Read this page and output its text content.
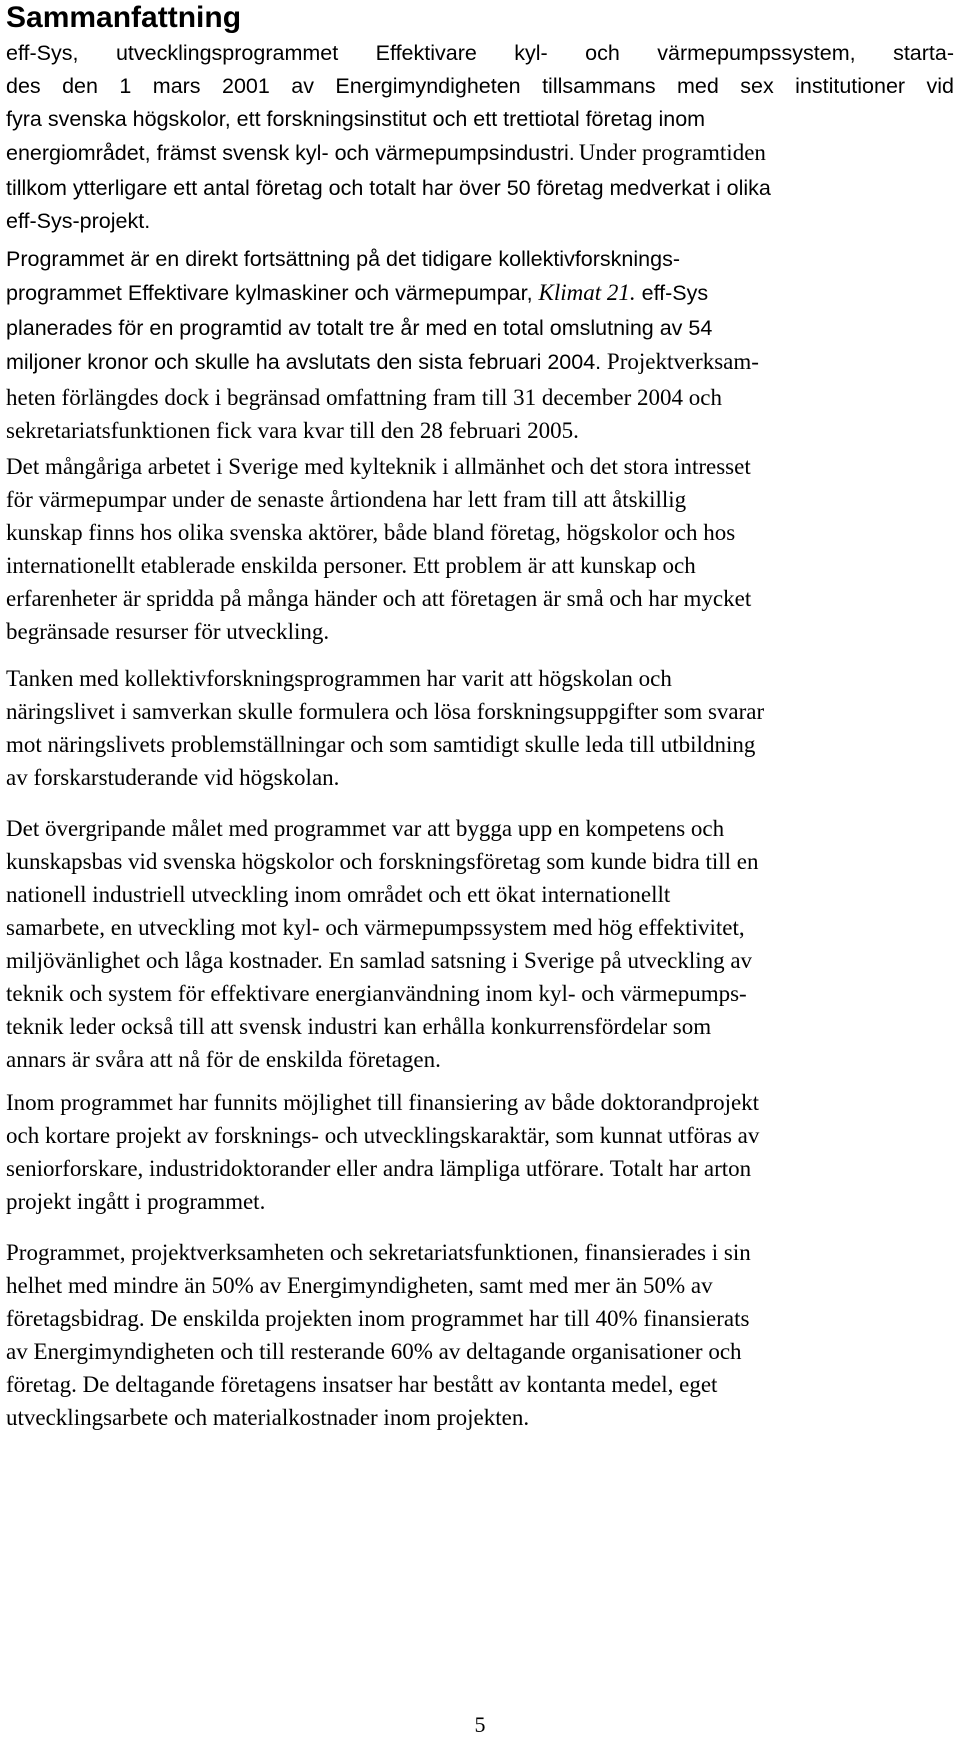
Sammanfattning
eff-Sys, utvecklingsprogrammet Effektivare kyl- och värmepumpssystem, starta-
des den 1 mars 2001 av Energimyndigheten tillsammans med sex institutioner vid
fyra svenska högskolor, ett forskningsinstitut och ett trettiotal företag inom
energiområdet, främst svensk kyl- och värmepumpsindustri. Under programtiden
tillkom ytterligare ett antal företag och totalt har över 50 företag medverkat i olika
eff-Sys-projekt.
Programmet är en direkt fortsättning på det tidigare kollektivforsknings-
programmet Effektivare kylmaskiner och värmepumpar, Klimat 21. eff-Sys
planerades för en programtid av totalt tre år med en total omslutning av 54
miljoner kronor och skulle ha avslutats den sista februari 2004. Projektverksam-
heten förlängdes dock i begränsad omfattning fram till 31 december 2004 och
sekretariatsfunktionen fick vara kvar till den 28 februari 2005.
Det mångåriga arbetet i Sverige med kylteknik i allmänhet och det stora intresset
för värmepumpar under de senaste årtiondena har lett fram till att åtskillig
kunskap finns hos olika svenska aktörer, både bland företag, högskolor och hos
internationellt etablerade enskilda personer. Ett problem är att kunskap och
erfarenheter är spridda på många händer och att företagen är små och har mycket
begränsade resurser för utveckling.
Tanken med kollektivforskningsprogrammen har varit att högskolan och
näringslivet i samverkan skulle formulera och lösa forskningsuppgifter som svarar
mot näringslivets problemställningar och som samtidigt skulle leda till utbildning
av forskarstuderande vid högskolan.
Det övergripande målet med programmet var att bygga upp en kompetens och
kunskapsbas vid svenska högskolor och forskningsföretag som kunde bidra till en
nationell industriell utveckling inom området och ett ökat internationellt
samarbete, en utveckling mot kyl- och värmepumpssystem med hög effektivitet,
miljövänlighet och låga kostnader. En samlad satsning i Sverige på utveckling av
teknik och system för effektivare energianvändning inom kyl- och värmepumps-
teknik leder också till att svensk industri kan erhålla konkurrensfördelar som
annars är svåra att nå för de enskilda företagen.
Inom programmet har funnits möjlighet till finansiering av både doktorandprojekt
och kortare projekt av forsknings- och utvecklingskaraktär, som kunnat utföras av
seniorforskare, industridoktorander eller andra lämpliga utförare. Totalt har arton
projekt ingått i programmet.
Programmet, projektverksamheten och sekretariatsfunktionen, finansierades i sin
helhet med mindre än 50% av Energimyndigheten, samt med mer än 50% av
företagsbidrag. De enskilda projekten inom programmet har till 40% finansierats
av Energimyndigheten och till resterande 60% av deltagande organisationer och
företag. De deltagande företagens insatser har bestått av kontanta medel, eget
utvecklingsarbete och materialkostnader inom projekten.
5
